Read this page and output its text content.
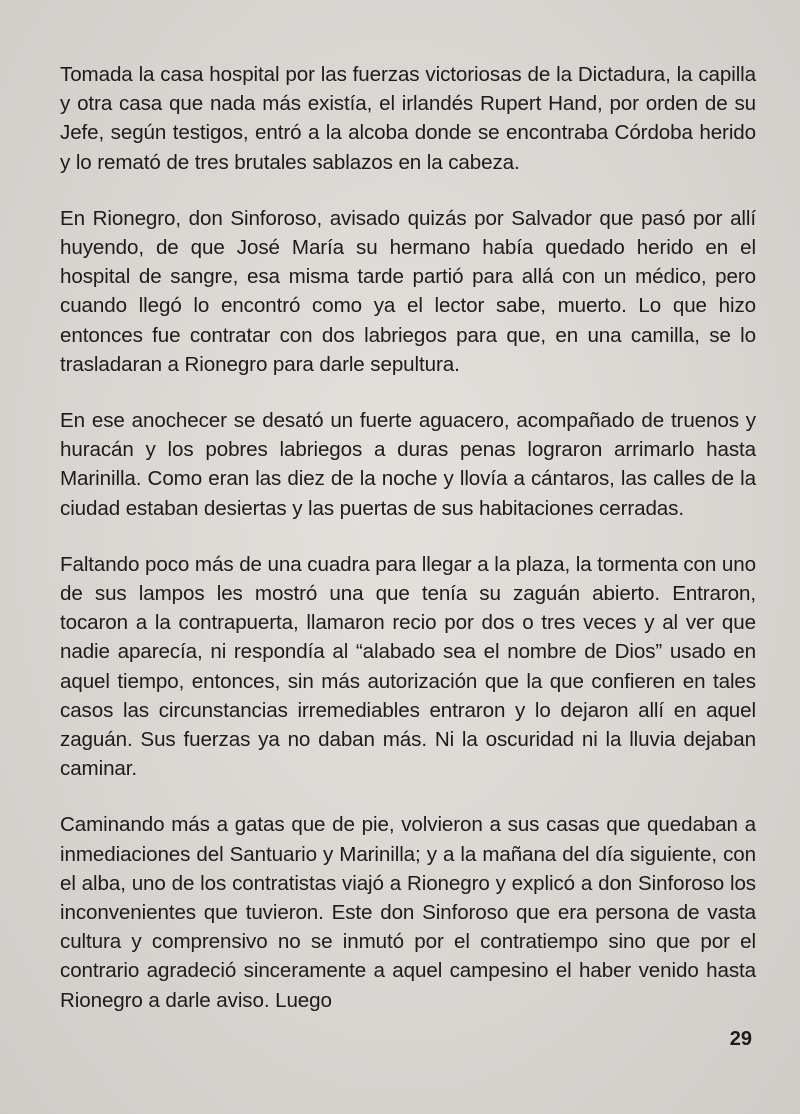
Tomada la casa hospital por las fuerzas victoriosas de la Dictadura, la capilla y otra casa que nada más existía, el irlandés Rupert Hand, por orden de su Jefe, según testigos, entró a la alcoba donde se encontraba Córdoba herido y lo remató de tres brutales sablazos en la cabeza.

En Rionegro, don Sinforoso, avisado quizás por Salvador que pasó por allí huyendo, de que José María su hermano había quedado herido en el hospital de sangre, esa misma tarde partió para allá con un médico, pero cuando llegó lo encontró como ya el lector sabe, muerto. Lo que hizo entonces fue contratar con dos labriegos para que, en una camilla, se lo trasladaran a Rionegro para darle sepultura.

En ese anochecer se desató un fuerte aguacero, acompañado de truenos y huracán y los pobres labriegos a duras penas lograron arrimarlo hasta Marinilla. Como eran las diez de la noche y llovía a cántaros, las calles de la ciudad estaban desiertas y las puertas de sus habitaciones cerradas.

Faltando poco más de una cuadra para llegar a la plaza, la tormenta con uno de sus lampos les mostró una que tenía su zaguán abierto. Entraron, tocaron a la contrapuerta, llamaron recio por dos o tres veces y al ver que nadie aparecía, ni respondía al “alabado sea el nombre de Dios” usado en aquel tiempo, entonces, sin más autorización que la que confieren en tales casos las circunstancias irremediables entraron y lo dejaron allí en aquel zaguán. Sus fuerzas ya no daban más. Ni la oscuridad ni la lluvia dejaban caminar.

Caminando más a gatas que de pie, volvieron a sus casas que quedaban a inmediaciones del Santuario y Marinilla; y a la mañana del día siguiente, con el alba, uno de los contratistas viajó a Rionegro y explicó a don Sinforoso los inconvenientes que tuvieron. Este don Sinforoso que era persona de vasta cultura y comprensivo no se inmutó por el contratiempo sino que por el contrario agradeció sinceramente a aquel campesino el haber venido hasta Rionegro a darle aviso. Luego

29
